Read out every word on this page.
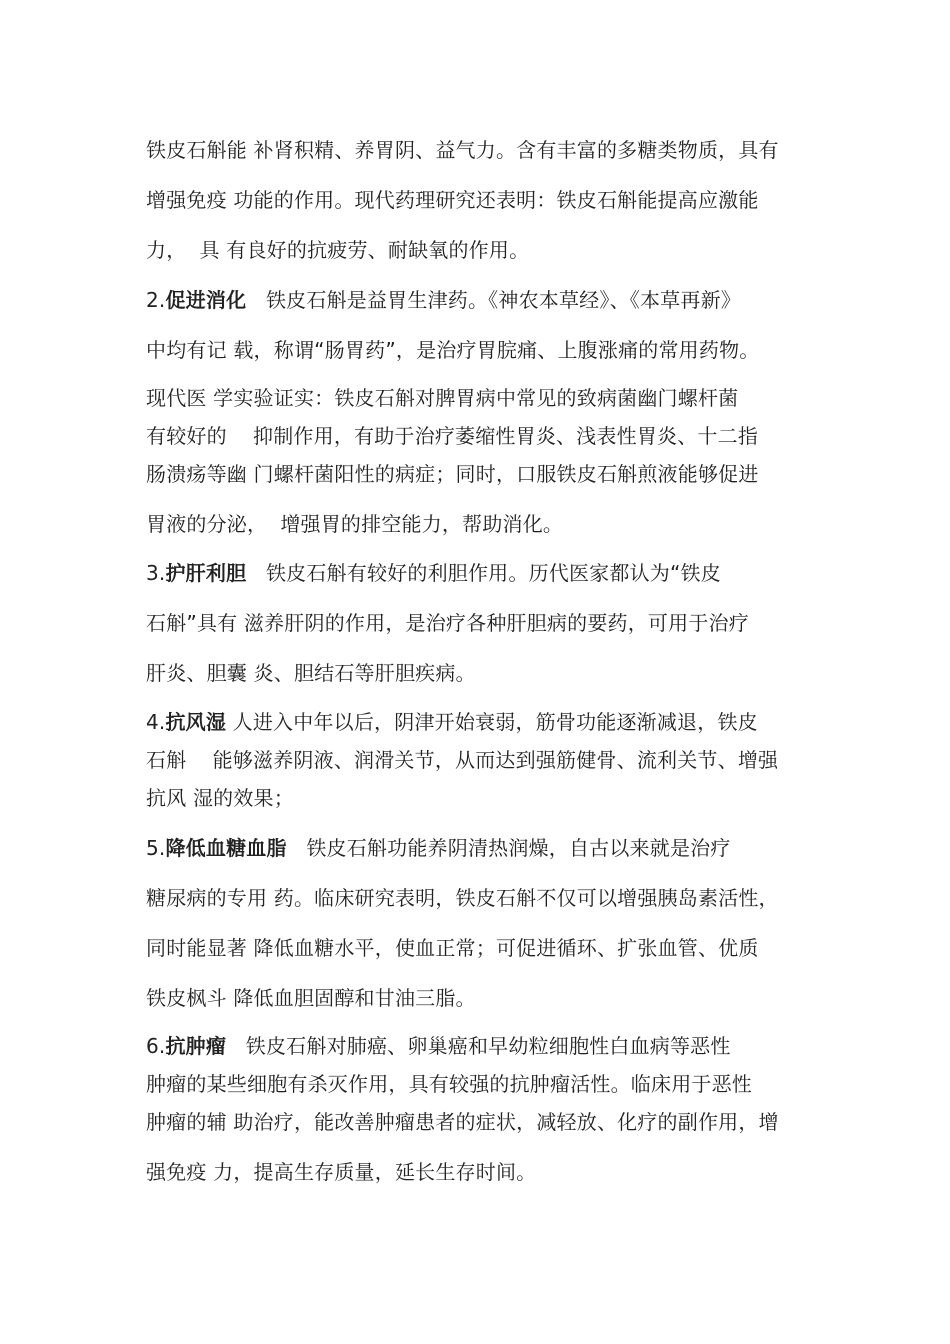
铁皮石斛能 补肾积精、养胃阴、益气力。含有丰富的多糖类物质，具有
增强免疫 功能的作用。现代药理研究还表明：铁皮石斛能提高应激能
力，  具 有良好的抗疲劳、耐缺氧的作用。
2.促进消化   铁皮石斛是益胃生津药。《神农本草经》、《本草再新》
中均有记 载，称谓“肠胃药”，是治疗胃脘痛、上腹涨痛的常用药物。
现代医 学实验证实：铁皮石斛对脾胃病中常见的致病菌幽门螺杆菌
有较好的    抑制作用，有助于治疗萎缩性胃炎、浅表性胃炎、十二指
肠溃疡等幽 门螺杆菌阳性的病症；同时，口服铁皮石斛煎液能够促进
胃液的分泌，  增强胃的排空能力，帮助消化。
3.护肝利胆   铁皮石斛有较好的利胆作用。历代医家都认为“铁皮
石斛”具有 滋养肝阴的作用，是治疗各种肝胆病的要药，可用于治疗
肝炎、胆囊 炎、胆结石等肝胆疾病。
4.抗风湿 人进入中年以后，阴津开始衰弱，筋骨功能逐渐减退，铁皮
石斛    能够滋养阴液、润滑关节，从而达到强筋健骨、流利关节、增强
抗风 湿的效果；
5.降低血糖血脂   铁皮石斛功能养阴清热润燥，自古以来就是治疗
糖尿病的专用 药。临床研究表明，铁皮石斛不仅可以增强胰岛素活性，
同时能显著 降低血糖水平，使血正常；可促进循环、扩张血管、优质
铁皮枫斗 降低血胆固醇和甘油三脂。
6.抗肿瘤   铁皮石斛对肺癌、卵巢癌和早幼粒细胞性白血病等恶性
肿瘤的某些细胞有杀灭作用，具有较强的抗肿瘤活性。临床用于恶性
肿瘤的辅 助治疗，能改善肿瘤患者的症状，减轻放、化疗的副作用，增
强免疫 力，提高生存质量，延长生存时间。
